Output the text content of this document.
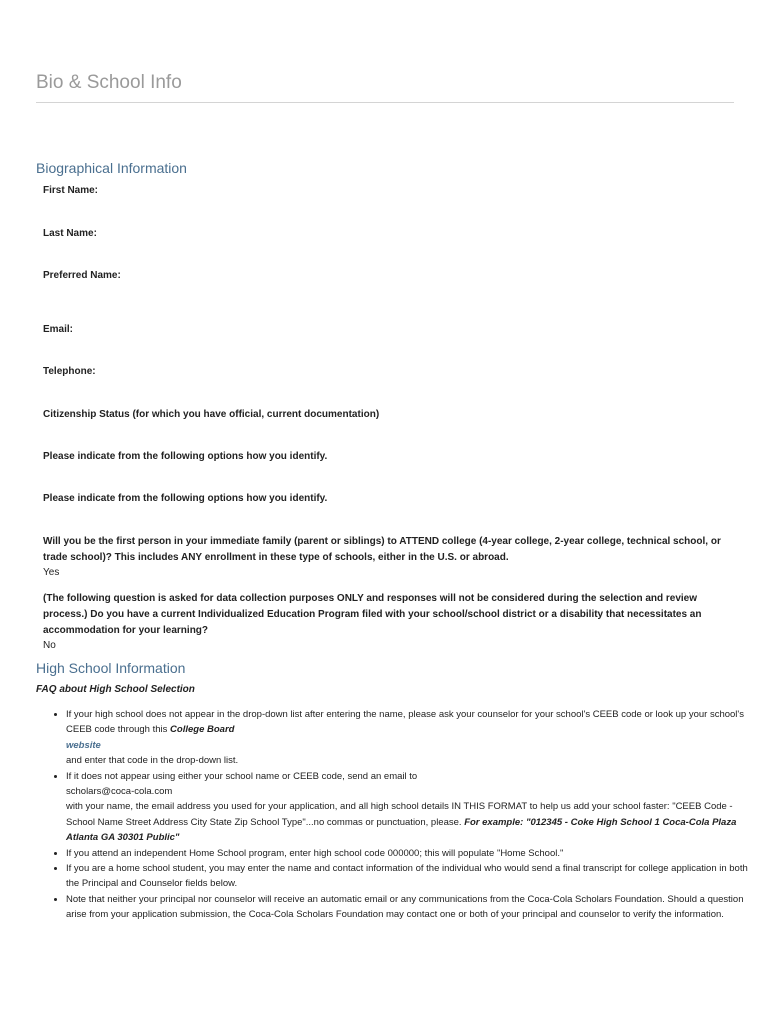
Bio & School Info
Biographical Information
First Name:
Last Name:
Preferred Name:
Email:
Telephone:
Citizenship Status (for which you have official, current documentation)
Please indicate from the following options how you identify.
Please indicate from the following options how you identify.
Will you be the first person in your immediate family (parent or siblings) to ATTEND college (4-year college, 2-year college, technical school, or trade school)? This includes ANY enrollment in these type of schools, either in the U.S. or abroad.
Yes
(The following question is asked for data collection purposes ONLY and responses will not be considered during the selection and review process.) Do you have a current Individualized Education Program filed with your school/school district or a disability that necessitates an accommodation for your learning?
No
High School Information
FAQ about High School Selection
• If your high school does not appear in the drop-down list after entering the name, please ask your counselor for your school's CEEB code or look up your school's CEEB code through this College Board
website
and enter that code in the drop-down list.
• If it does not appear using either your school name or CEEB code, send an email to
scholars@coca-cola.com
with your name, the email address you used for your application, and all high school details IN THIS FORMAT to help us add your school faster: "CEEB Code - School Name Street Address City State Zip School Type"...no commas or punctuation, please. For example: "012345 - Coke High School 1 Coca-Cola Plaza Atlanta GA 30301 Public"
• If you attend an independent Home School program, enter high school code 000000; this will populate "Home School."
• If you are a home school student, you may enter the name and contact information of the individual who would send a final transcript for college application in both the Principal and Counselor fields below.
• Note that neither your principal nor counselor will receive an automatic email or any communications from the Coca-Cola Scholars Foundation. Should a question arise from your application submission, the Coca-Cola Scholars Foundation may contact one or both of your principal and counselor to verify the information.
